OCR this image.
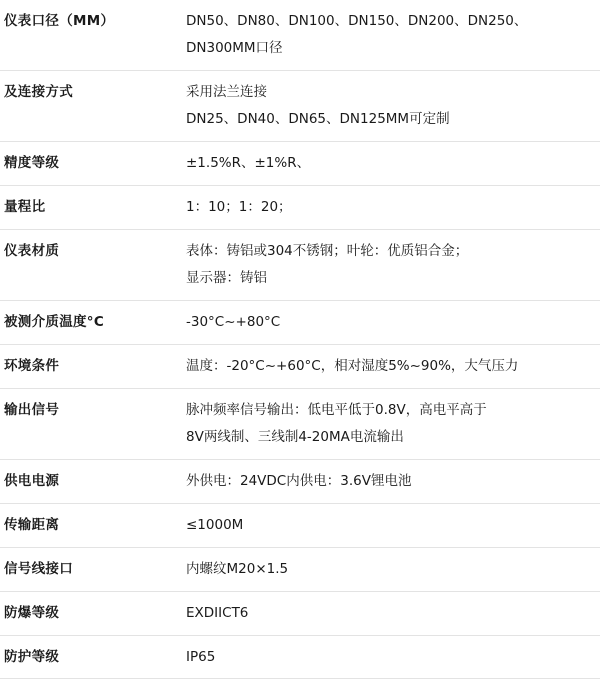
仪表口径（MM）	DN50、DN80、DN100、DN150、DN200、DN250、
DN300MM口径

及连接方式	采用法兰连接
DN25、DN40、DN65、DN125MM可定制

精度等级	±1.5%R、±1%R、

量程比	1：10；1：20；

仪表材质	表体：铸铝或304不锈钢；叶轮：优质铝合金；
显示器：铸铝

被测介质温度°C	-30°C~+80°C

环境条件	温度：-20°C~+60°C，相对湿度5%~90%，大气压力

输出信号	脉冲频率信号输出：低电平低于0.8V，高电平高于
8V两线制、三线制4-20MA电流输出

供电电源	外供电：24VDC内供电：3.6V锂电池

传输距离	≤1000M

信号线接口	内螺纹M20×1.5

防爆等级	EXDIICT6

防护等级	IP65
